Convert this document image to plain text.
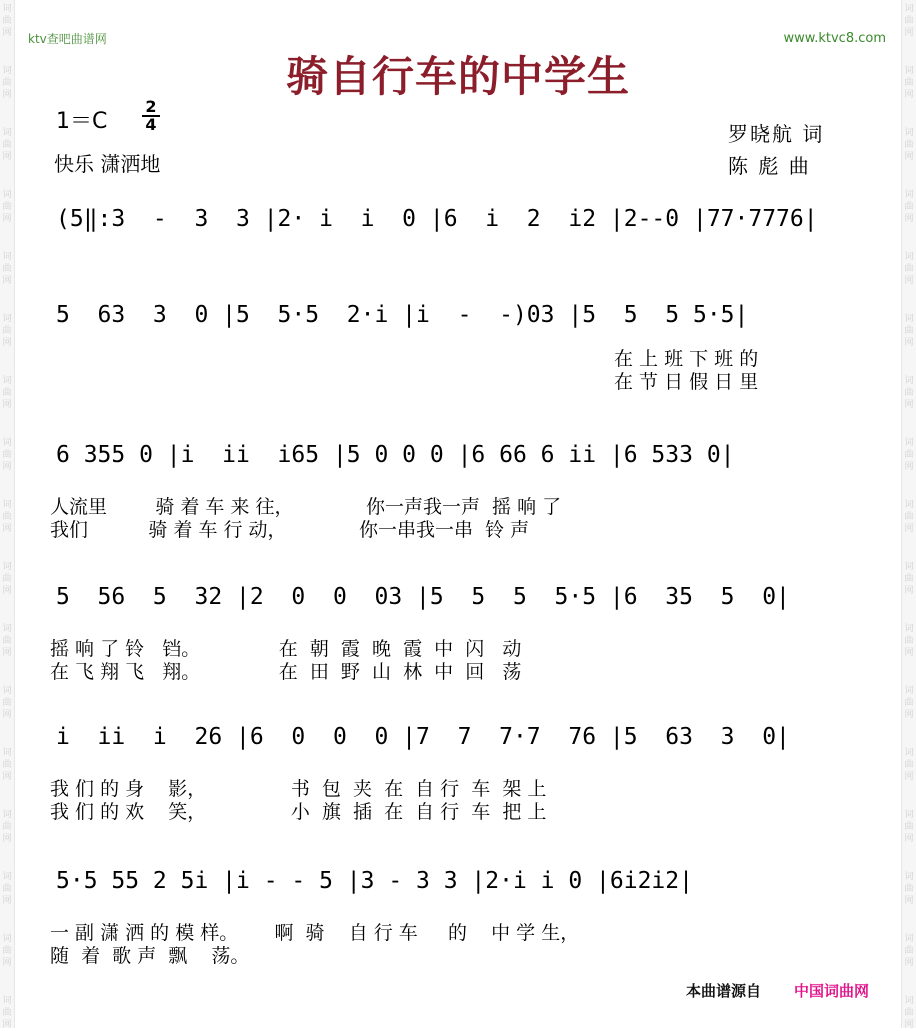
词
曲
网
词
曲
网
词
曲
网
词
曲
网
词
曲
网
词
曲
网
词
曲
网
词
曲
网
词
曲
网
词
曲
网
词
曲
网
词
曲
网
词
曲
网
词
曲
网
词
曲
网
词
曲
网
词
曲
网
词
曲
网
词
曲
网
词
曲
网
词
曲
网
词
曲
网
词
曲
网
词
曲
网
词
曲
网
词
曲
网
词
曲
网
词
曲
网
词
曲
网
词
曲
网
词
曲
网
词
曲
网
词
曲
网
词
曲
网
ktv查吧曲谱网	www.ktvc8.com
骑自行车的中学生
1＝C
2
4
快乐 潇洒地
罗晓航 词
陈 彪 曲
(5‖:3  -  3  3 |2· i  i  0 |6  i  2  i2 |2--0 |77·7776|
5  63  3  0 |5  5·5  2·i |i  -  -)03 |5  5  5 5·5|
在 上 班 下 班 的
在 节 日 假 日 里
6 355 0 |i  ii  i65 |5 0 0 0 |6 66 6 ii |6 533 0|
人流里        骑 着 车 来 往，            你一声我一声  摇 响 了
我们          骑 着 车 行 动，            你一串我一串  铃 声
5  56  5  32 |2  0  0  03 |5  5  5  5·5 |6  35  5  0|
摇 响 了 铃   铛。             在  朝  霞  晚  霞  中  闪   动
在 飞 翔 飞   翔。             在  田  野  山  林  中  回   荡
i  ii  i  26 |6  0  0  0 |7  7  7·7  76 |5  63  3  0|
我 们 的 身    影，              书  包  夹  在  自 行  车  架 上
我 们 的 欢    笑，              小  旗  插  在  自 行  车  把 上
5·5 55 2 5i |i - - 5 |3 - 3 3 |2·i i 0 |6i2i2|
一 副 潇 洒 的 模 样。      啊  骑    自 行 车     的    中 学 生，
随  着  歌 声  飘    荡。
本曲谱源自 中国词曲网
